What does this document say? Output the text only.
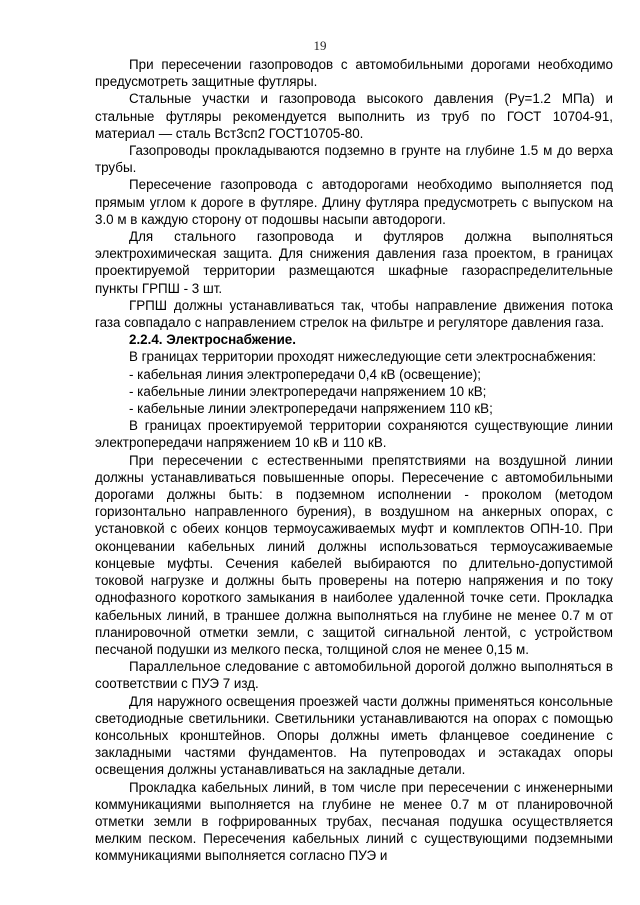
19

При пересечении газопроводов с автомобильными дорогами необходимо предусмотреть защитные футляры.

Стальные участки и газопровода высокого давления (Ру=1.2 МПа) и стальные футляры рекомендуется выполнить из труб по ГОСТ 10704-91, материал — сталь Вст3сп2 ГОСТ10705-80.

Газопроводы прокладываются подземно в грунте на глубине 1.5 м до верха трубы.

Пересечение газопровода с автодорогами необходимо выполняется под прямым углом к дороге в футляре. Длину футляра предусмотреть с выпуском на 3.0 м в каждую сторону от подошвы насыпи автодороги.

Для стального газопровода и футляров должна выполняться электрохимическая защита. Для снижения давления газа проектом, в границах проектируемой территории размещаются шкафные газораспределительные пункты ГРПШ - 3 шт.

ГРПШ должны устанавливаться так, чтобы направление движения потока газа совпадало с направлением стрелок на фильтре и регуляторе давления газа.

2.2.4. Электроснабжение.

В границах территории проходят нижеследующие сети электроснабжения:

- кабельная линия электропередачи 0,4 кВ (освещение);

- кабельные линии электропередачи напряжением 10 кВ;

- кабельные линии электропередачи напряжением 110 кВ;

В границах проектируемой территории сохраняются существующие линии электропередачи напряжением 10 кВ и 110 кВ.

При пересечении с естественными препятствиями на воздушной линии должны устанавливаться повышенные опоры. Пересечение с автомобильными дорогами должны быть: в подземном исполнении - проколом (методом горизонтально направленного бурения), в воздушном на анкерных опорах, с установкой с обеих концов термоусаживаемых муфт и комплектов ОПН-10. При оконцевании кабельных линий должны использоваться термоусаживаемые концевые муфты. Сечения кабелей выбираются по длительно-допустимой токовой нагрузке и должны быть проверены на потерю напряжения и по току однофазного короткого замыкания в наиболее удаленной точке сети. Прокладка кабельных линий, в траншее должна выполняться на глубине не менее 0.7 м от планировочной отметки земли, с защитой сигнальной лентой, с устройством песчаной подушки из мелкого песка, толщиной слоя не менее 0,15 м.

Параллельное следование с автомобильной дорогой должно выполняться в соответствии с ПУЭ 7 изд.

Для наружного освещения проезжей части должны применяться консольные светодиодные светильники. Светильники устанавливаются на опорах с помощью консольных кронштейнов. Опоры должны иметь фланцевое соединение с закладными частями фундаментов. На путепроводах и эстакадах опоры освещения должны устанавливаться на закладные детали.

Прокладка кабельных линий, в том числе при пересечении с инженерными коммуникациями выполняется на глубине не менее 0.7 м от планировочной отметки земли в гофрированных трубах, песчаная подушка осуществляется мелким песком. Пересечения кабельных линий с существующими подземными коммуникациями выполняется согласно ПУЭ и
